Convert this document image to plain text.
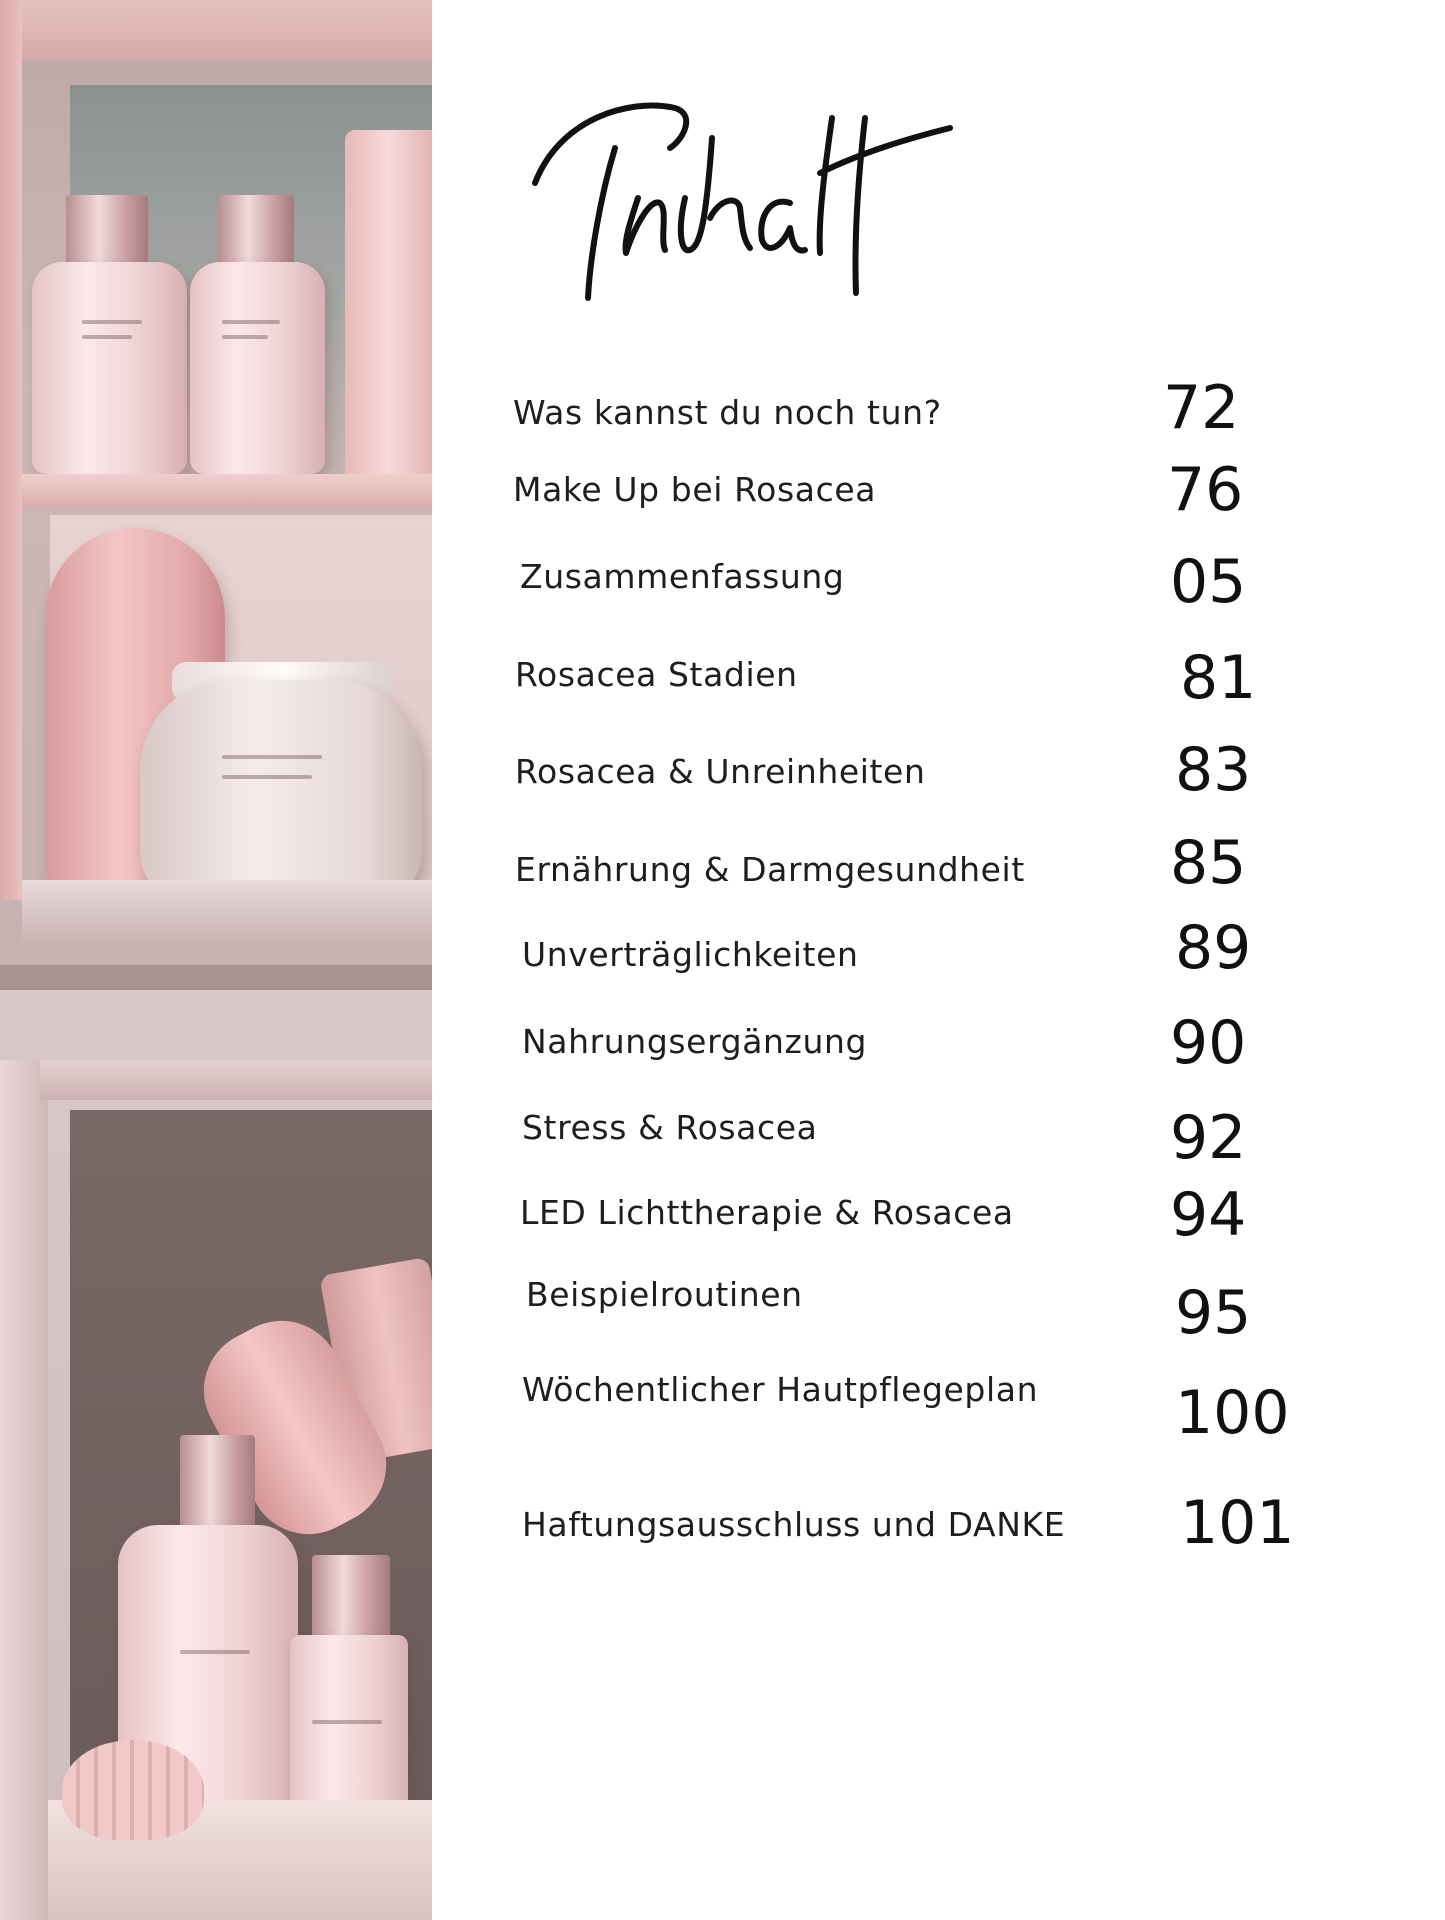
Was kannst du noch tun?	72
Make Up bei Rosacea	76
Zusammenfassung	05
Rosacea Stadien	81
Rosacea & Unreinheiten	83
Ernährung & Darmgesundheit 85
Unverträglichkeiten	89
Nahrungsergänzung	90
Stress & Rosacea	92
LED Lichttherapie & Rosacea	94
Beispielroutinen	95
Wöchentlicher Hautpflegeplan 100
Haftungsausschluss und DANKE 101
